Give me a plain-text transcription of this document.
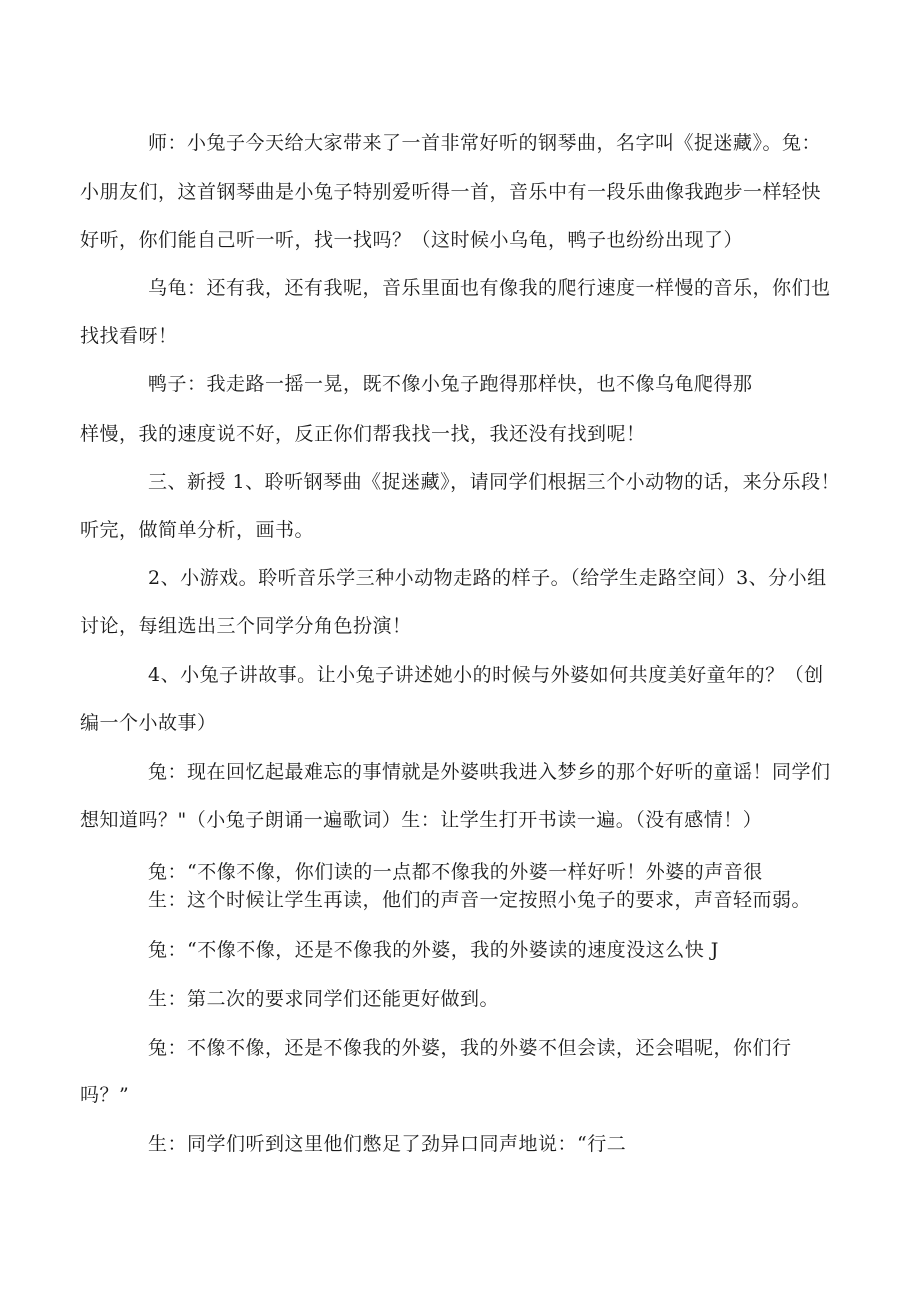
师：小兔子今天给大家带来了一首非常好听的钢琴曲，名字叫《捉迷藏》。兔：
小朋友们，这首钢琴曲是小兔子特别爱听得一首，音乐中有一段乐曲像我跑步一样轻快
好听，你们能自己听一听，找一找吗？（这时候小乌龟，鸭子也纷纷出现了）
乌龟：还有我，还有我呢，音乐里面也有像我的爬行速度一样慢的音乐，你们也
找找看呀！
鸭子：我走路一摇一晃，既不像小兔子跑得那样快，也不像乌龟爬得那
样慢，我的速度说不好，反正你们帮我找一找，我还没有找到呢！
三、新授 1、聆听钢琴曲《捉迷藏》，请同学们根据三个小动物的话，来分乐段！
听完，做简单分析，画书。
2、小游戏。聆听音乐学三种小动物走路的样子。（给学生走路空间）3、分小组
讨论，每组选出三个同学分角色扮演！
4、小兔子讲故事。让小兔子讲述她小的时候与外婆如何共度美好童年的？（创
编一个小故事）
兔：现在回忆起最难忘的事情就是外婆哄我进入梦乡的那个好听的童谣！同学们
想知道吗？"（小兔子朗诵一遍歌词）生：让学生打开书读一遍。（没有感情！）
兔：“不像不像，你们读的一点都不像我的外婆一样好听！外婆的声音很
生：这个时候让学生再读，他们的声音一定按照小兔子的要求，声音轻而弱。
兔：“不像不像，还是不像我的外婆，我的外婆读的速度没这么快 J
生：第二次的要求同学们还能更好做到。
兔：不像不像，还是不像我的外婆，我的外婆不但会读，还会唱呢，你们行
吗？”
生：同学们听到这里他们憋足了劲异口同声地说：“行二
